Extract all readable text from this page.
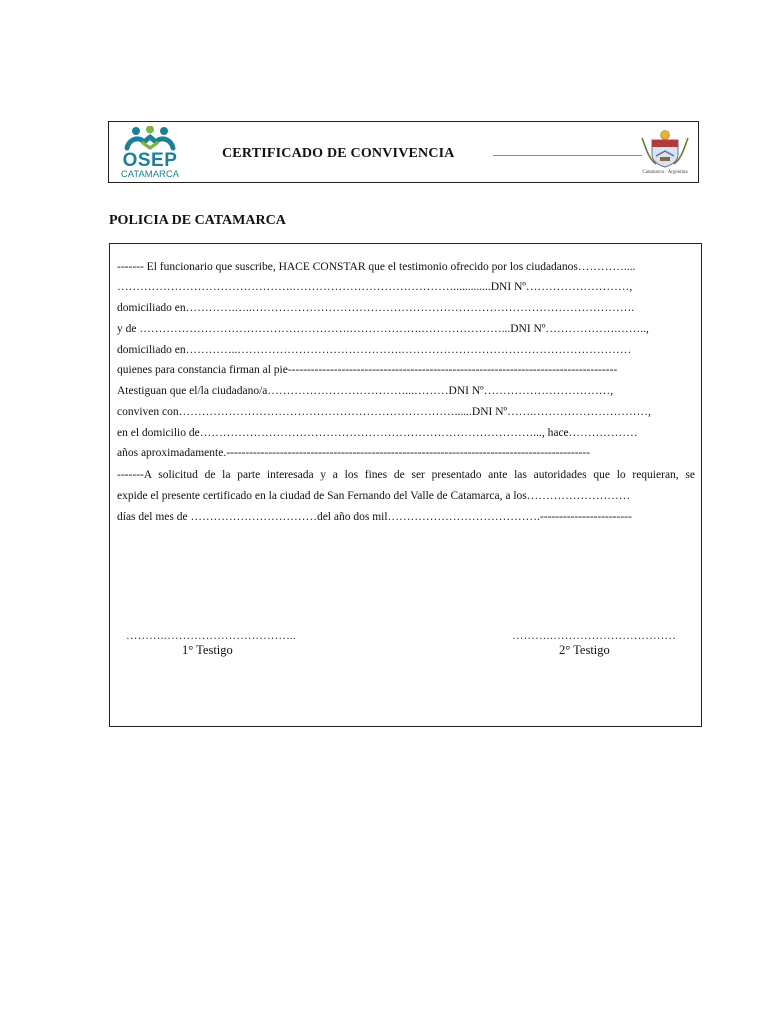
OSEP
CATAMARCA
CERTIFICADO DE CONVIVENCIA
Catamarca · Argentina
POLICIA DE CATAMARCA
------- El funcionario que suscribe, HACE CONSTAR que el testimonio ofrecido por los ciudadanos…………....
……………………………………….…………………………………….............DNI Nº………………………,
domiciliado en………….…..……………………………………………………………………………………….
y de ……………………………………………….……………….…………………...DNI Nº……………….……..,
domiciliado en…………..…………………………………….……………………………………………………
quienes para constancia firman al pie--------------------------------------------------------------------------------------
Atestiguan que el/la ciudadano/a………………………………...………DNI Nº……………………………,
conviven con………………………………………………………………......DNI Nº…….…………………………,
en el domicilio de……………………………………………………………………………..., hace………………
años aproximadamente.-----------------------------------------------------------------------------------------------
-------A solicitud de la parte interesada y a los fines de ser presentado ante las autoridades que lo requieran, se
expide el presente certificado en la ciudad de San Fernando del Valle de Catamarca, a los………………………
días del mes de ……………………………del año dos mil………………………………….------------------------
……….……………………………..	……….……………………………
1° Testigo	2° Testigo
